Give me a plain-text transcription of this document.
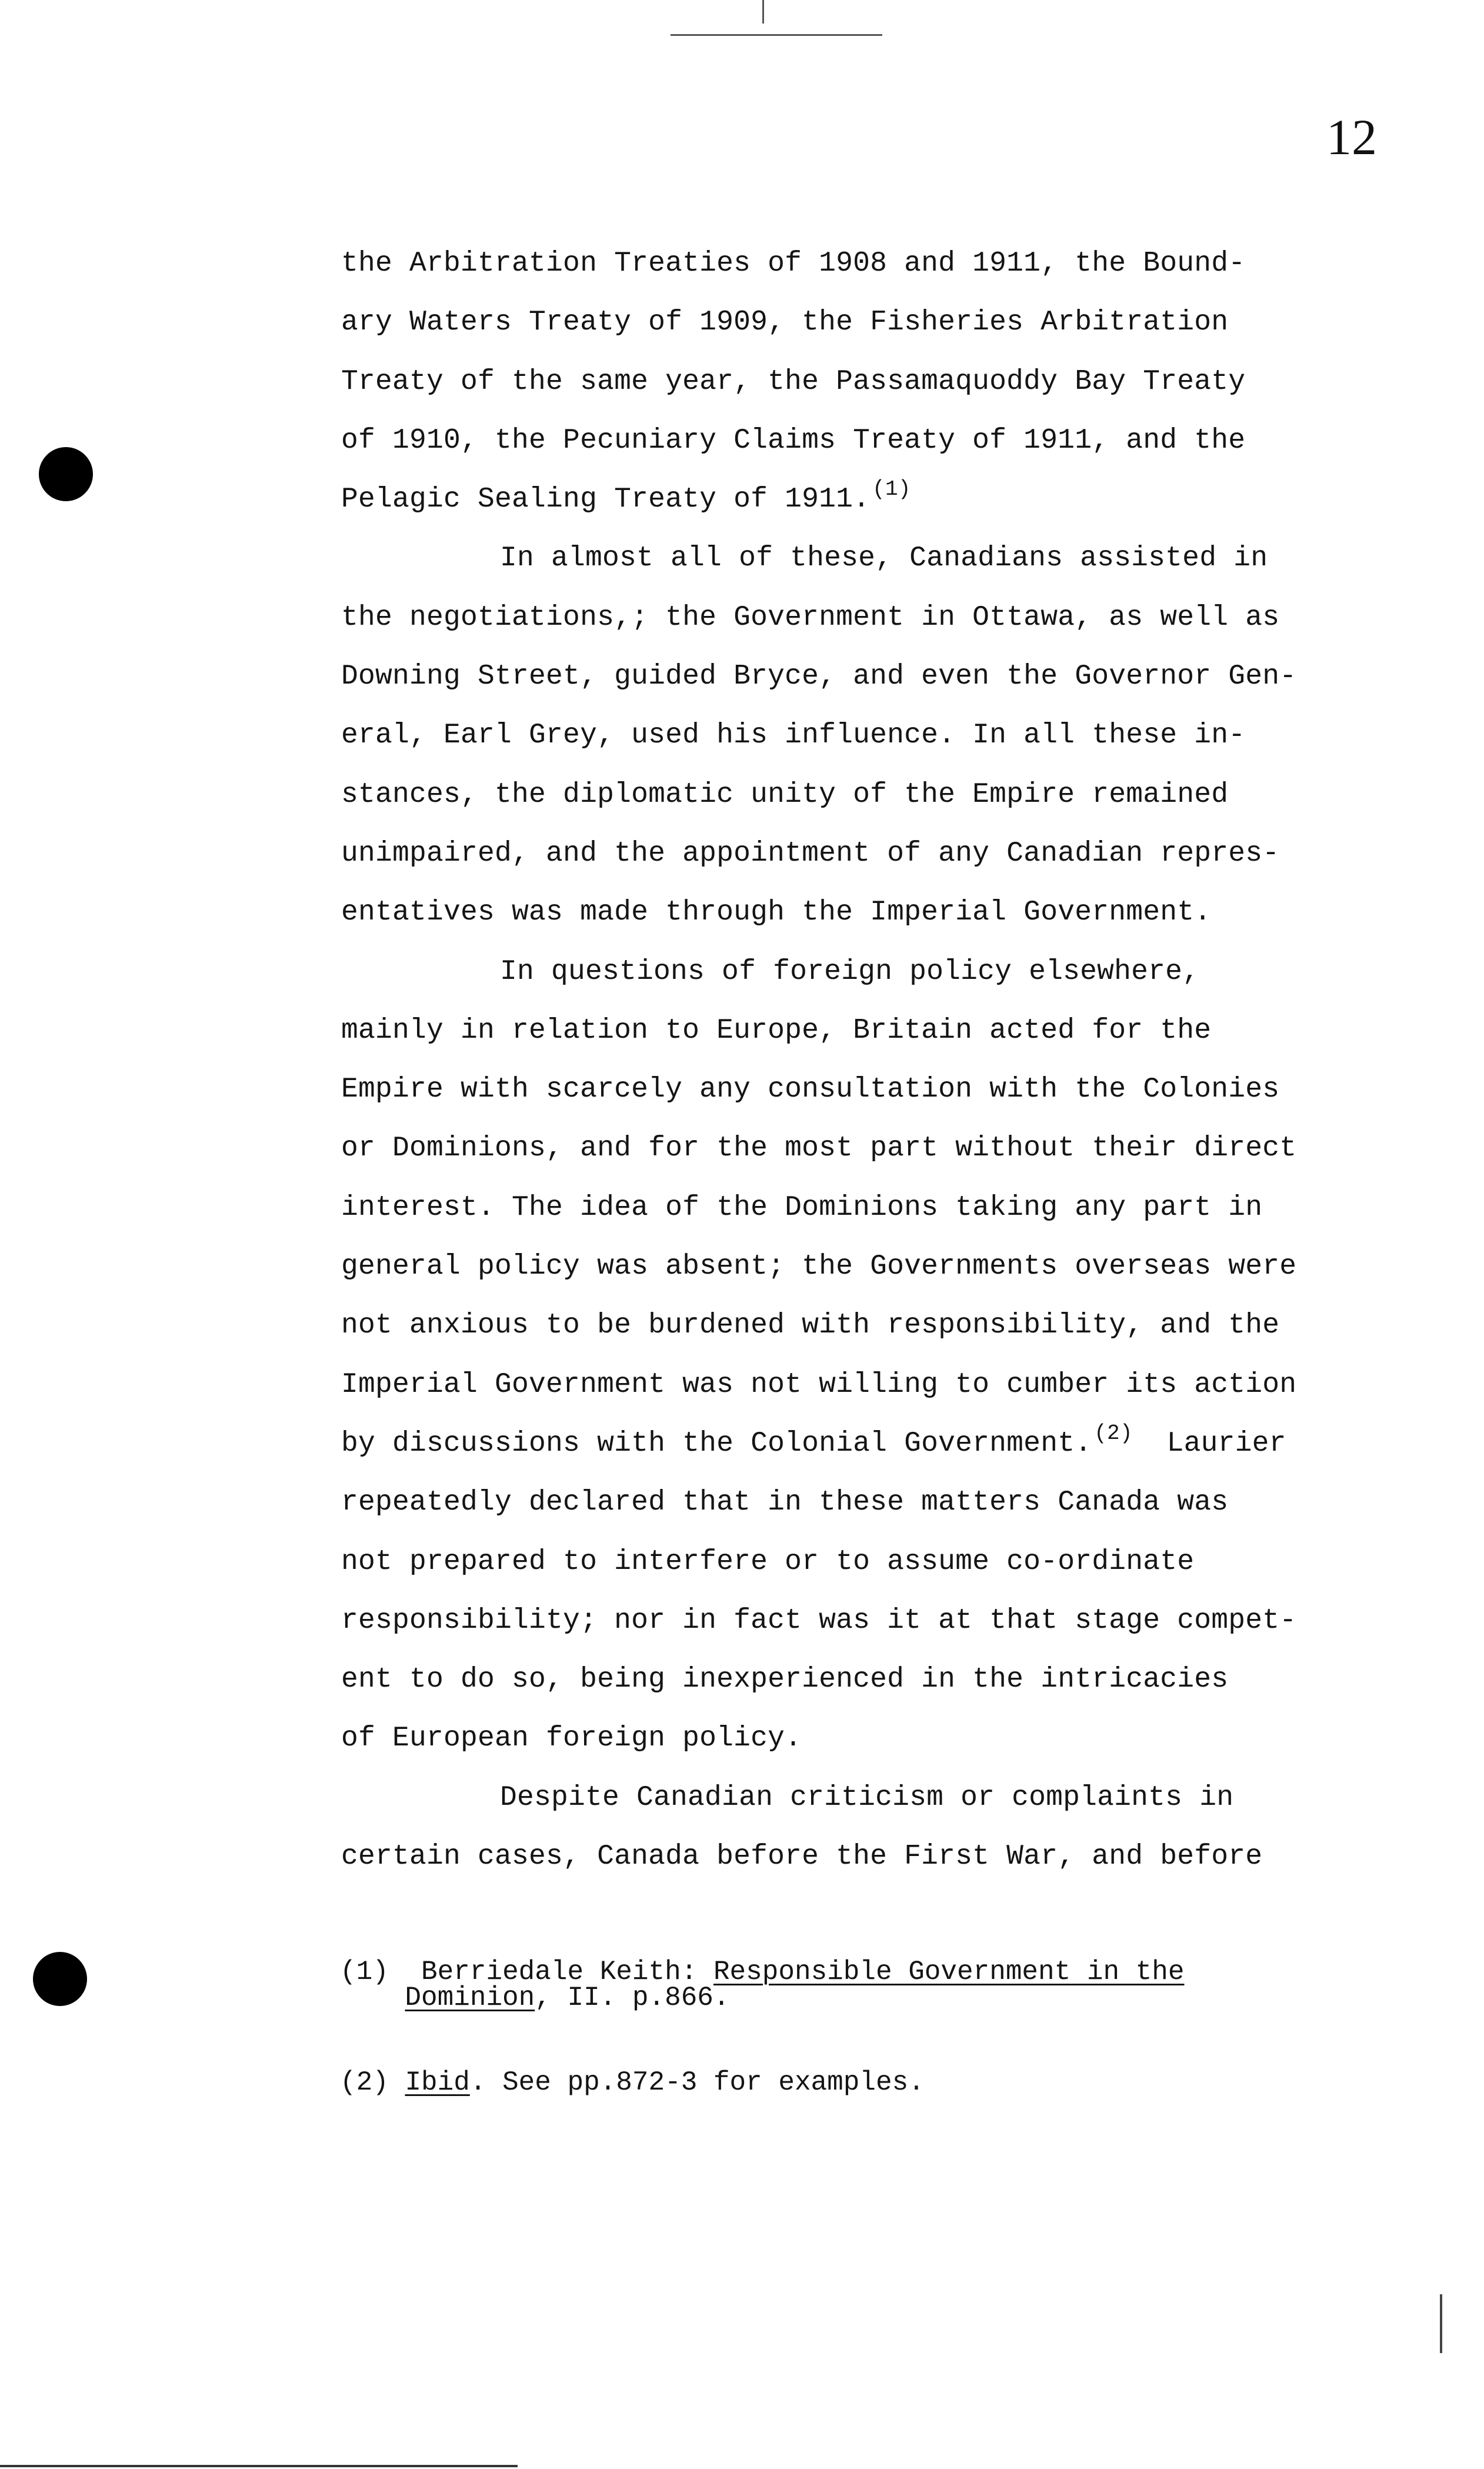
12
the Arbitration Treaties of 1908 and 1911, the Bound-
ary Waters Treaty of 1909, the Fisheries Arbitration
Treaty of the same year, the Passamaquoddy Bay Treaty
of 1910, the Pecuniary Claims Treaty of 1911, and the
Pelagic Sealing Treaty of 1911. $^{(1)}$
In almost all of these, Canadians assisted in
the negotiations,; the Government in Ottawa, as well as
Downing Street, guided Bryce, and even the Governor Gen-
eral, Earl Grey, used his influence. In all these in-
stances, the diplomatic unity of the Empire remained
unimpaired, and the appointment of any Canadian repres-
entatives was made through the Imperial Government.
In questions of foreign policy elsewhere,
mainly in relation to Europe, Britain acted for the
Empire with scarcely any consultation with the Colonies
or Dominions, and for the most part without their direct
interest. The idea of the Dominions taking any part in
general policy was absent; the Governments overseas were
not anxious to be burdened with responsibility, and the
Imperial Government was not willing to cumber its action
by discussions with the Colonial Government. $^{(2)}$  Laurier
repeatedly declared that in these matters Canada was
not prepared to interfere or to assume co-ordinate
responsibility; nor in fact was it at that stage compet-
ent to do so, being inexperienced in the intricacies
of European foreign policy.
Despite Canadian criticism or complaints in
certain cases, Canada before the First War, and before
(1) Berriedale Keith: Responsible Government in the
Dominion, II. p.866.
(2) Ibid. See pp.872-3 for examples.
